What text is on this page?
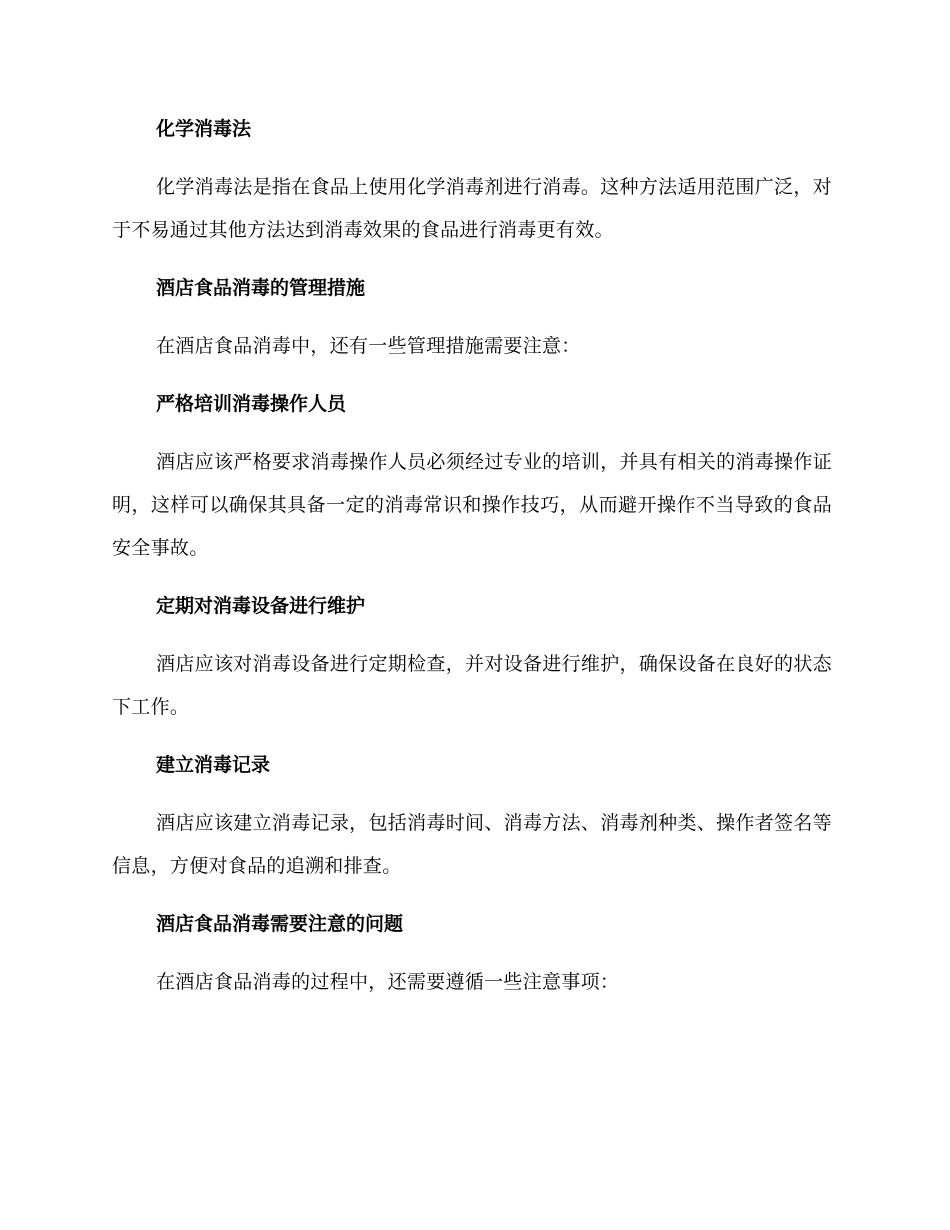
化学消毒法
化学消毒法是指在食品上使用化学消毒剂进行消毒。这种方法适用范围广泛，对于不易通过其他方法达到消毒效果的食品进行消毒更有效。
酒店食品消毒的管理措施
在酒店食品消毒中，还有一些管理措施需要注意：
严格培训消毒操作人员
酒店应该严格要求消毒操作人员必须经过专业的培训，并具有相关的消毒操作证明，这样可以确保其具备一定的消毒常识和操作技巧，从而避开操作不当导致的食品安全事故。
定期对消毒设备进行维护
酒店应该对消毒设备进行定期检查，并对设备进行维护，确保设备在良好的状态下工作。
建立消毒记录
酒店应该建立消毒记录，包括消毒时间、消毒方法、消毒剂种类、操作者签名等信息，方便对食品的追溯和排查。
酒店食品消毒需要注意的问题
在酒店食品消毒的过程中，还需要遵循一些注意事项：
